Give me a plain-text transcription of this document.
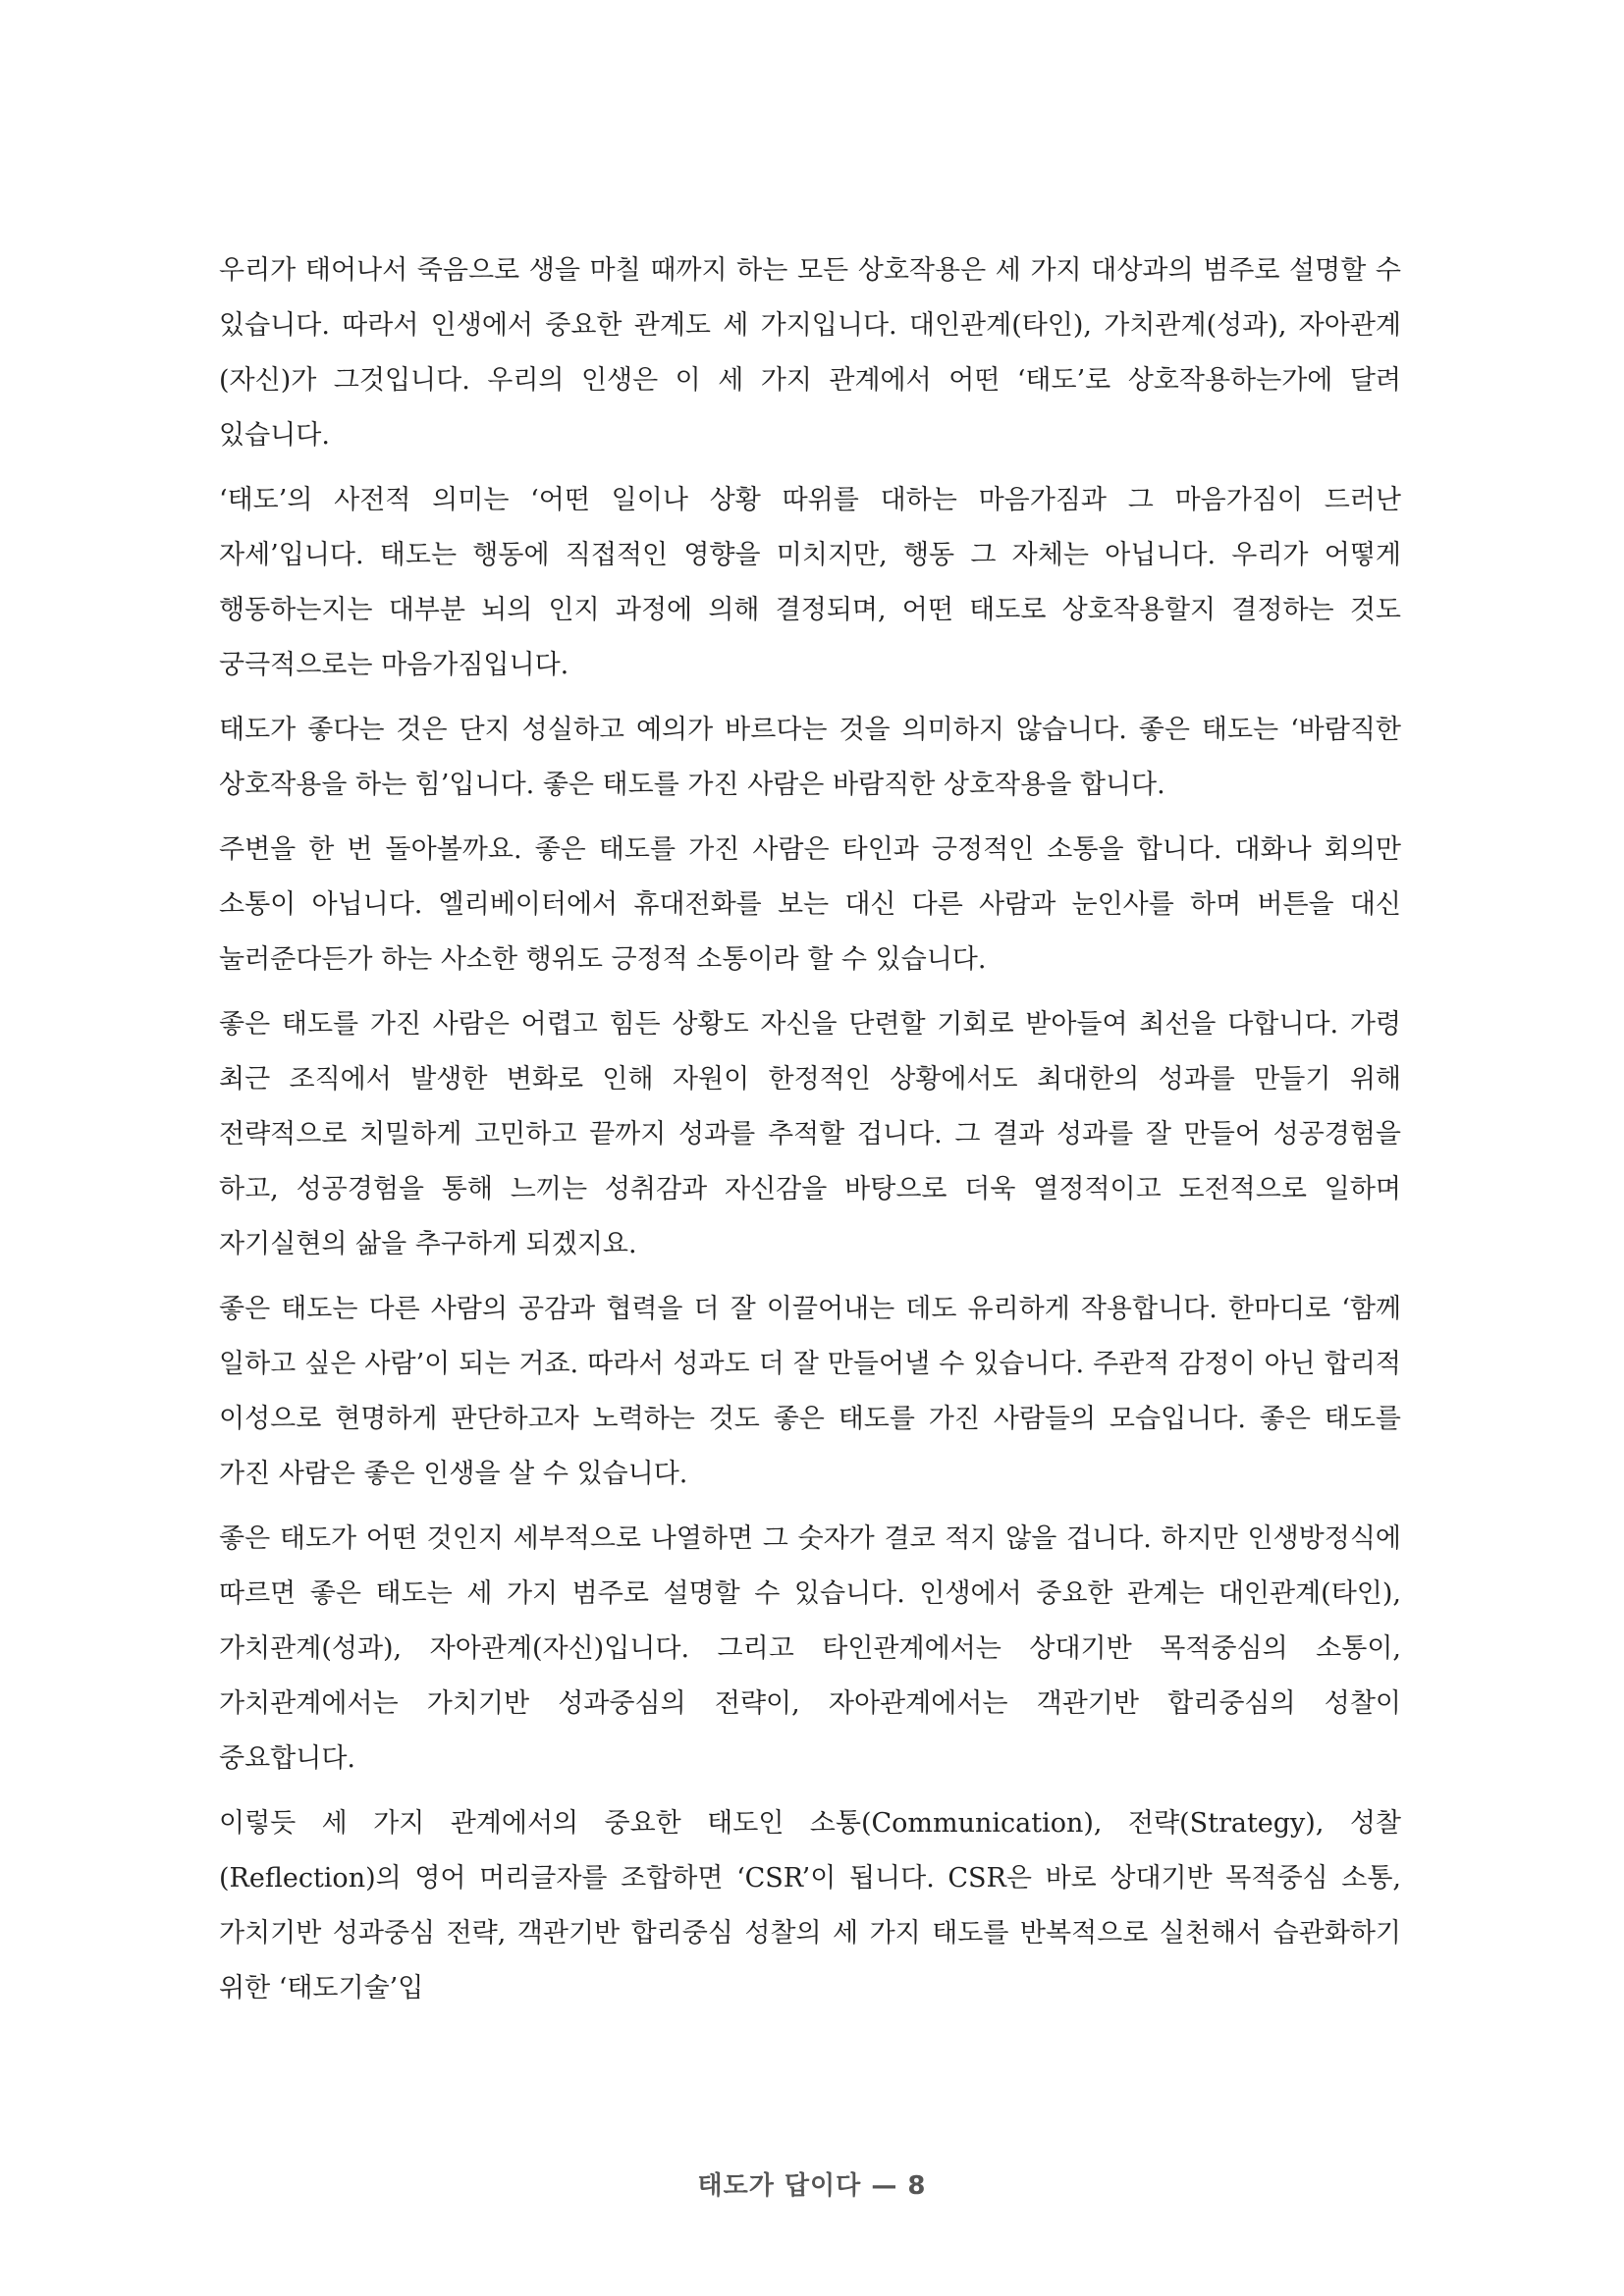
우리가 태어나서 죽음으로 생을 마칠 때까지 하는 모든 상호작용은 세 가지 대상과의 범주로 설명할 수 있습니다. 따라서 인생에서 중요한 관계도 세 가지입니다. 대인관계(타인), 가치관계(성과), 자아관계(자신)가 그것입니다. 우리의 인생은 이 세 가지 관계에서 어떤 ‘태도’로 상호작용하는가에 달려 있습니다.

‘태도’의 사전적 의미는 ‘어떤 일이나 상황 따위를 대하는 마음가짐과 그 마음가짐이 드러난 자세’입니다. 태도는 행동에 직접적인 영향을 미치지만, 행동 그 자체는 아닙니다. 우리가 어떻게 행동하는지는 대부분 뇌의 인지 과정에 의해 결정되며, 어떤 태도로 상호작용할지 결정하는 것도 궁극적으로는 마음가짐입니다.

태도가 좋다는 것은 단지 성실하고 예의가 바르다는 것을 의미하지 않습니다. 좋은 태도는 ‘바람직한 상호작용을 하는 힘’입니다. 좋은 태도를 가진 사람은 바람직한 상호작용을 합니다.

주변을 한 번 돌아볼까요. 좋은 태도를 가진 사람은 타인과 긍정적인 소통을 합니다. 대화나 회의만 소통이 아닙니다. 엘리베이터에서 휴대전화를 보는 대신 다른 사람과 눈인사를 하며 버튼을 대신 눌러준다든가 하는 사소한 행위도 긍정적 소통이라 할 수 있습니다.

좋은 태도를 가진 사람은 어렵고 힘든 상황도 자신을 단련할 기회로 받아들여 최선을 다합니다. 가령 최근 조직에서 발생한 변화로 인해 자원이 한정적인 상황에서도 최대한의 성과를 만들기 위해 전략적으로 치밀하게 고민하고 끝까지 성과를 추적할 겁니다. 그 결과 성과를 잘 만들어 성공경험을 하고, 성공경험을 통해 느끼는 성취감과 자신감을 바탕으로 더욱 열정적이고 도전적으로 일하며 자기실현의 삶을 추구하게 되겠지요.

좋은 태도는 다른 사람의 공감과 협력을 더 잘 이끌어내는 데도 유리하게 작용합니다. 한마디로 ‘함께 일하고 싶은 사람’이 되는 거죠. 따라서 성과도 더 잘 만들어낼 수 있습니다. 주관적 감정이 아닌 합리적 이성으로 현명하게 판단하고자 노력하는 것도 좋은 태도를 가진 사람들의 모습입니다. 좋은 태도를 가진 사람은 좋은 인생을 살 수 있습니다.

좋은 태도가 어떤 것인지 세부적으로 나열하면 그 숫자가 결코 적지 않을 겁니다. 하지만 인생방정식에 따르면 좋은 태도는 세 가지 범주로 설명할 수 있습니다. 인생에서 중요한 관계는 대인관계(타인), 가치관계(성과), 자아관계(자신)입니다. 그리고 타인관계에서는 상대기반 목적중심의 소통이, 가치관계에서는 가치기반 성과중심의 전략이, 자아관계에서는 객관기반 합리중심의 성찰이 중요합니다.

이렇듯 세 가지 관계에서의 중요한 태도인 소통(Communication), 전략(Strategy), 성찰(Reflection)의 영어 머리글자를 조합하면 ‘CSR’이 됩니다. CSR은 바로 상대기반 목적중심 소통, 가치기반 성과중심 전략, 객관기반 합리중심 성찰의 세 가지 태도를 반복적으로 실천해서 습관화하기 위한 ‘태도기술’입

태도가 답이다 — 8
